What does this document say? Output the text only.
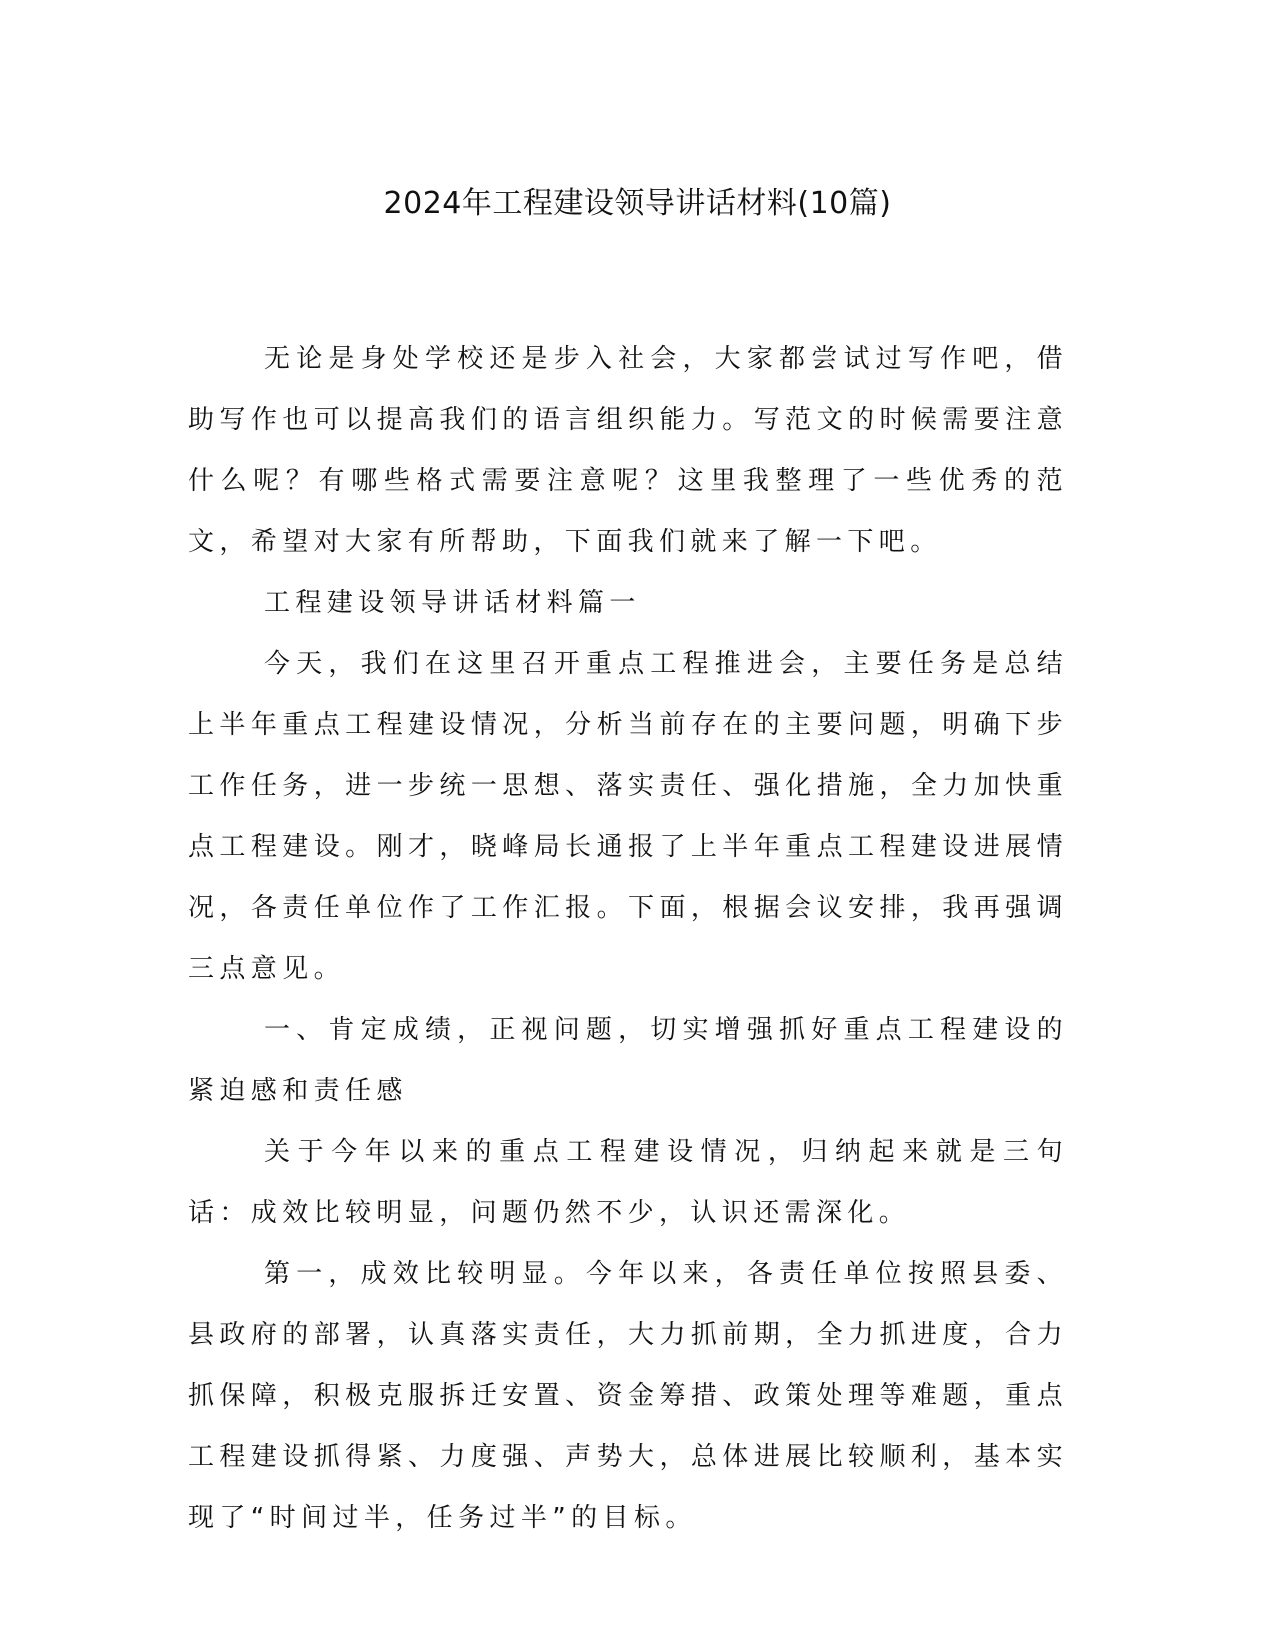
2024年工程建设领导讲话材料(10篇)

无论是身处学校还是步入社会，大家都尝试过写作吧，借助写作也可以提高我们的语言组织能力。写范文的时候需要注意什么呢？有哪些格式需要注意呢？这里我整理了一些优秀的范文，希望对大家有所帮助，下面我们就来了解一下吧。

工程建设领导讲话材料篇一

今天，我们在这里召开重点工程推进会，主要任务是总结上半年重点工程建设情况，分析当前存在的主要问题，明确下步工作任务，进一步统一思想、落实责任、强化措施，全力加快重点工程建设。刚才，晓峰局长通报了上半年重点工程建设进展情况，各责任单位作了工作汇报。下面，根据会议安排，我再强调三点意见。

一、肯定成绩，正视问题，切实增强抓好重点工程建设的紧迫感和责任感

关于今年以来的重点工程建设情况，归纳起来就是三句话：成效比较明显，问题仍然不少，认识还需深化。

第一，成效比较明显。今年以来，各责任单位按照县委、县政府的部署，认真落实责任，大力抓前期，全力抓进度，合力抓保障，积极克服拆迁安置、资金筹措、政策处理等难题，重点工程建设抓得紧、力度强、声势大，总体进展比较顺利，基本实现了“时间过半，任务过半”的目标。
